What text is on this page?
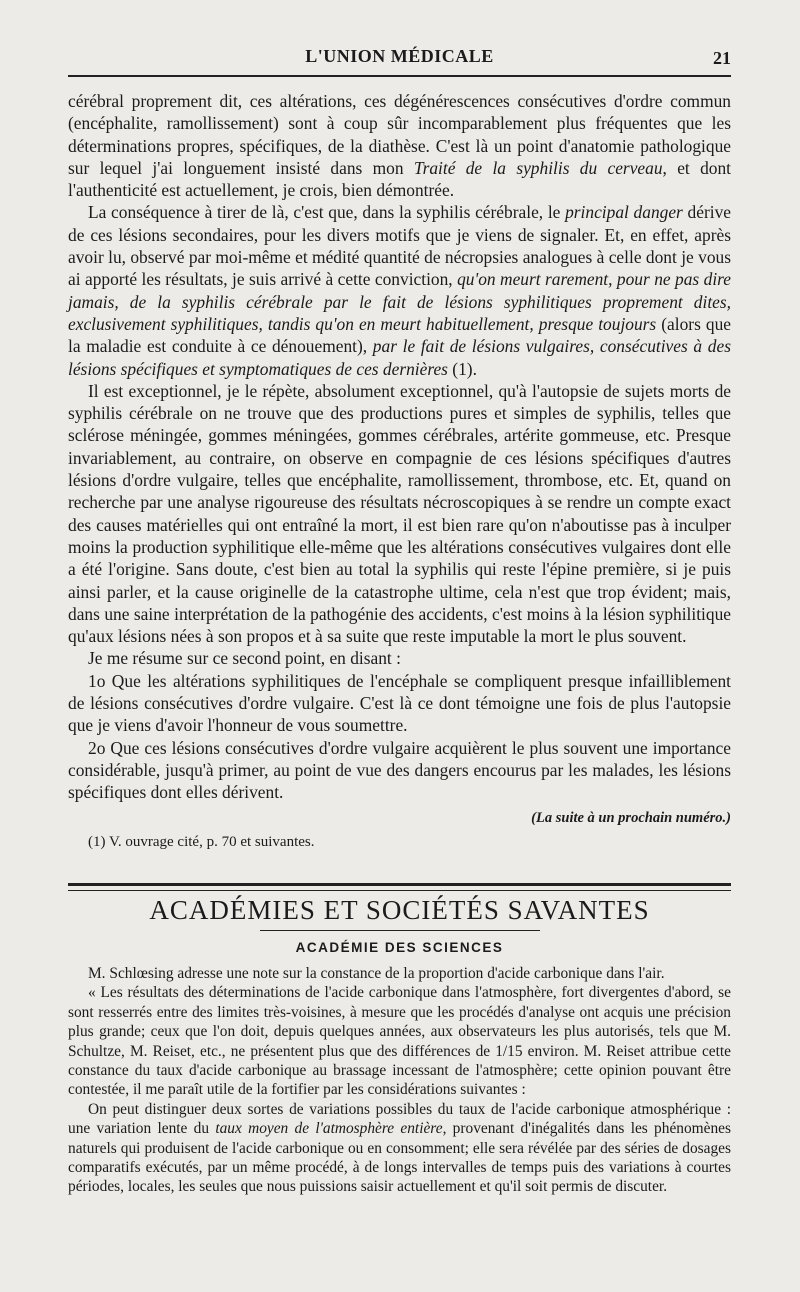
L'UNION MÉDICALE	21

cérébral proprement dit, ces altérations, ces dégénérescences consécutives d'ordre commun (encéphalite, ramollissement) sont à coup sûr incomparablement plus fréquentes que les déterminations propres, spécifiques, de la diathèse. C'est là un point d'anatomie pathologique sur lequel j'ai longuement insisté dans mon Traité de la syphilis du cerveau, et dont l'authenticité est actuellement, je crois, bien démontrée.

La conséquence à tirer de là, c'est que, dans la syphilis cérébrale, le principal danger dérive de ces lésions secondaires, pour les divers motifs que je viens de signaler. Et, en effet, après avoir lu, observé par moi-même et médité quantité de nécropsies analogues à celle dont je vous ai apporté les résultats, je suis arrivé à cette conviction, qu'on meurt rarement, pour ne pas dire jamais, de la syphilis cérébrale par le fait de lésions syphilitiques proprement dites, exclusivement syphilitiques, tandis qu'on en meurt habituellement, presque toujours (alors que la maladie est conduite à ce dénouement), par le fait de lésions vulgaires, consécutives à des lésions spécifiques et symptomatiques de ces dernières (1).

Il est exceptionnel, je le répète, absolument exceptionnel, qu'à l'autopsie de sujets morts de syphilis cérébrale on ne trouve que des productions pures et simples de syphilis, telles que sclérose méningée, gommes méningées, gommes cérébrales, artérite gommeuse, etc. Presque invariablement, au contraire, on observe en compagnie de ces lésions spécifiques d'autres lésions d'ordre vulgaire, telles que encéphalite, ramollissement, thrombose, etc. Et, quand on recherche par une analyse rigoureuse des résultats nécroscopiques à se rendre un compte exact des causes matérielles qui ont entraîné la mort, il est bien rare qu'on n'aboutisse pas à inculper moins la production syphilitique elle-même que les altérations consécutives vulgaires dont elle a été l'origine. Sans doute, c'est bien au total la syphilis qui reste l'épine première, si je puis ainsi parler, et la cause originelle de la catastrophe ultime, cela n'est que trop évident; mais, dans une saine interprétation de la pathogénie des accidents, c'est moins à la lésion syphilitique qu'aux lésions nées à son propos et à sa suite que reste imputable la mort le plus souvent.

Je me résume sur ce second point, en disant :

1o Que les altérations syphilitiques de l'encéphale se compliquent presque infailliblement de lésions consécutives d'ordre vulgaire. C'est là ce dont témoigne une fois de plus l'autopsie que je viens d'avoir l'honneur de vous soumettre.

2o Que ces lésions consécutives d'ordre vulgaire acquièrent le plus souvent une importance considérable, jusqu'à primer, au point de vue des dangers encourus par les malades, les lésions spécifiques dont elles dérivent.

(La suite à un prochain numéro.)
(1) V. ouvrage cité, p. 70 et suivantes.
ACADÉMIES ET SOCIÉTÉS SAVANTES
ACADÉMIE DES SCIENCES

M. Schlœsing adresse une note sur la constance de la proportion d'acide carbonique dans l'air.

« Les résultats des déterminations de l'acide carbonique dans l'atmosphère, fort divergentes d'abord, se sont resserrés entre des limites très-voisines, à mesure que les procédés d'analyse ont acquis une précision plus grande; ceux que l'on doit, depuis quelques années, aux observateurs les plus autorisés, tels que M. Schultze, M. Reiset, etc., ne présentent plus que des différences de 1/15 environ. M. Reiset attribue cette constance du taux d'acide carbonique au brassage incessant de l'atmosphère; cette opinion pouvant être contestée, il me paraît utile de la fortifier par les considérations suivantes :

On peut distinguer deux sortes de variations possibles du taux de l'acide carbonique atmosphérique : une variation lente du taux moyen de l'atmosphère entière, provenant d'inégalités dans les phénomènes naturels qui produisent de l'acide carbonique ou en consomment; elle sera révélée par des séries de dosages comparatifs exécutés, par un même procédé, à de longs intervalles de temps puis des variations à courtes périodes, locales, les seules que nous puissions saisir actuellement et qu'il soit permis de discuter.
